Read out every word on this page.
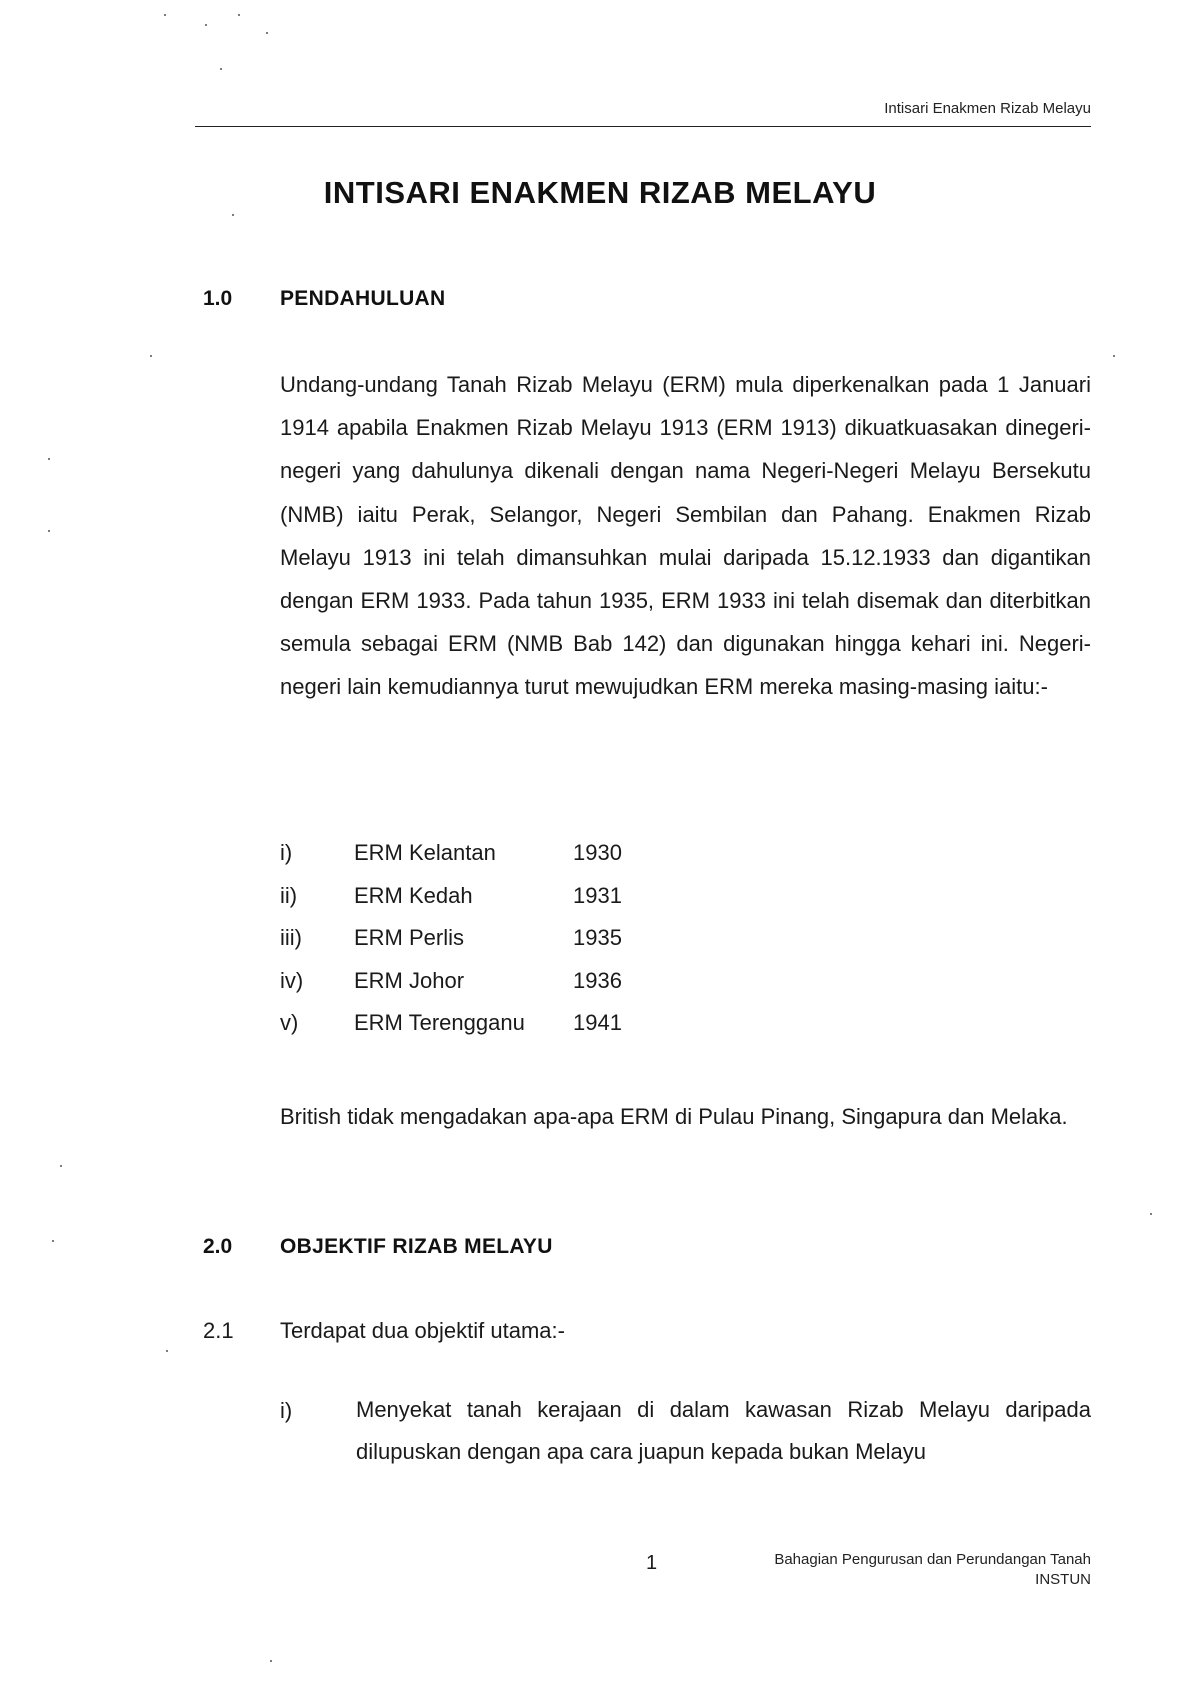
Intisari Enakmen Rizab Melayu
INTISARI ENAKMEN RIZAB MELAYU
1.0 PENDAHULUAN

Undang-undang Tanah Rizab Melayu (ERM) mula diperkenalkan pada 1 Januari 1914 apabila Enakmen Rizab Melayu 1913 (ERM 1913) dikuatkuasakan dinegeri-negeri yang dahulunya dikenali dengan nama Negeri-Negeri Melayu Bersekutu (NMB) iaitu Perak, Selangor, Negeri Sembilan dan Pahang. Enakmen Rizab Melayu 1913 ini telah dimansuhkan mulai daripada 15.12.1933 dan digantikan dengan ERM 1933. Pada tahun 1935, ERM 1933 ini telah disemak dan diterbitkan semula sebagai ERM (NMB Bab 142) dan digunakan hingga kehari ini. Negeri-negeri lain kemudiannya turut mewujudkan ERM mereka masing-masing iaitu:-

i)	ERM Kelantan	1930
ii)	ERM Kedah	1931
iii) ERM Perlis	1935
iv) ERM Johor	1936
v)	ERM Terengganu 1941

British tidak mengadakan apa-apa ERM di Pulau Pinang, Singapura dan Melaka.

2.0 OBJEKTIF RIZAB MELAYU
2.1 Terdapat dua objektif utama:-
i)	Menyekat tanah kerajaan di dalam kawasan Rizab Melayu daripada dilupuskan dengan apa cara juapun kepada bukan Melayu

1	Bahagian Pengurusan dan Perundangan Tanah
INSTUN
